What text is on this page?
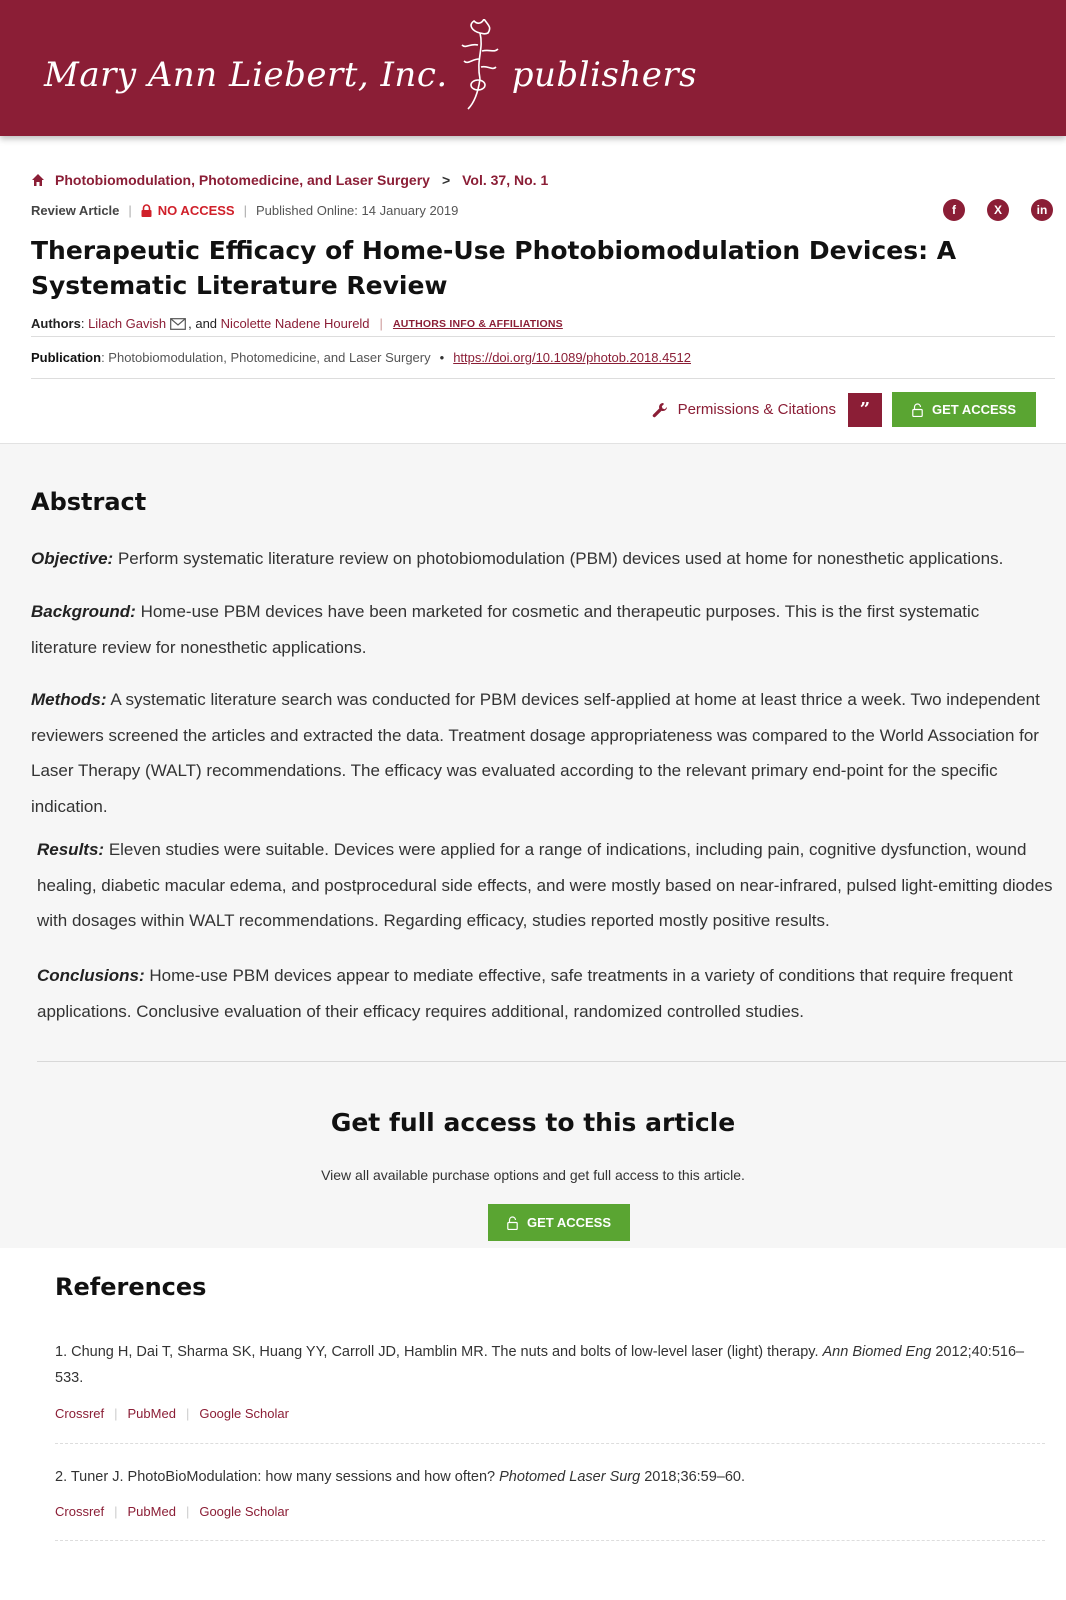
Mary Ann Liebert, Inc. publishers
Photobiomodulation, Photomedicine, and Laser Surgery > Vol. 37, No. 1
Review Article | NO ACCESS | Published Online: 14 January 2019	f	X	in
Therapeutic Efficacy of Home-Use Photobiomodulation Devices: A Systematic Literature Review
Authors : Lilach Gavish , and
Nicolette Nadene Houreld | AUTHORS INFO & AFFILIATIONS
Publication : Photobiomodulation, Photomedicine, and Laser Surgery • https://doi.org/10.1089/photob.2018.4512
Permissions & Citations	”	GET ACCESS
Abstract

Objective: Perform systematic literature review on photobiomodulation (PBM) devices used at home for nonesthetic applications.

Background: Home-use PBM devices have been marketed for cosmetic and therapeutic purposes. This is the first systematic literature review for nonesthetic applications.

Methods: A systematic literature search was conducted for PBM devices self-applied at home at least thrice a week. Two independent reviewers screened the articles and extracted the data. Treatment dosage appropriateness was compared to the World Association for Laser Therapy (WALT) recommendations. The efficacy was evaluated according to the relevant primary end-point for the specific indication.

Results: Eleven studies were suitable. Devices were applied for a range of indications, including pain, cognitive dysfunction, wound healing, diabetic macular edema, and postprocedural side effects, and were mostly based on near-infrared, pulsed light-emitting diodes with dosages within WALT recommendations. Regarding efficacy, studies reported mostly positive results.

Conclusions: Home-use PBM devices appear to mediate effective, safe treatments in a variety of conditions that require frequent applications. Conclusive evaluation of their efficacy requires additional, randomized controlled studies.

Get full access to this article

View all available purchase options and get full access to this article.

GET ACCESS
References

1. Chung H, Dai T, Sharma SK, Huang YY, Carroll JD, Hamblin MR. The nuts and bolts of low-level laser (light) therapy. Ann Biomed Eng 2012;40:516–533.

Crossref | PubMed | Google Scholar

2. Tuner J. PhotoBioModulation: how many sessions and how often? Photomed Laser Surg 2018;36:59–60.

Crossref | PubMed | Google Scholar
